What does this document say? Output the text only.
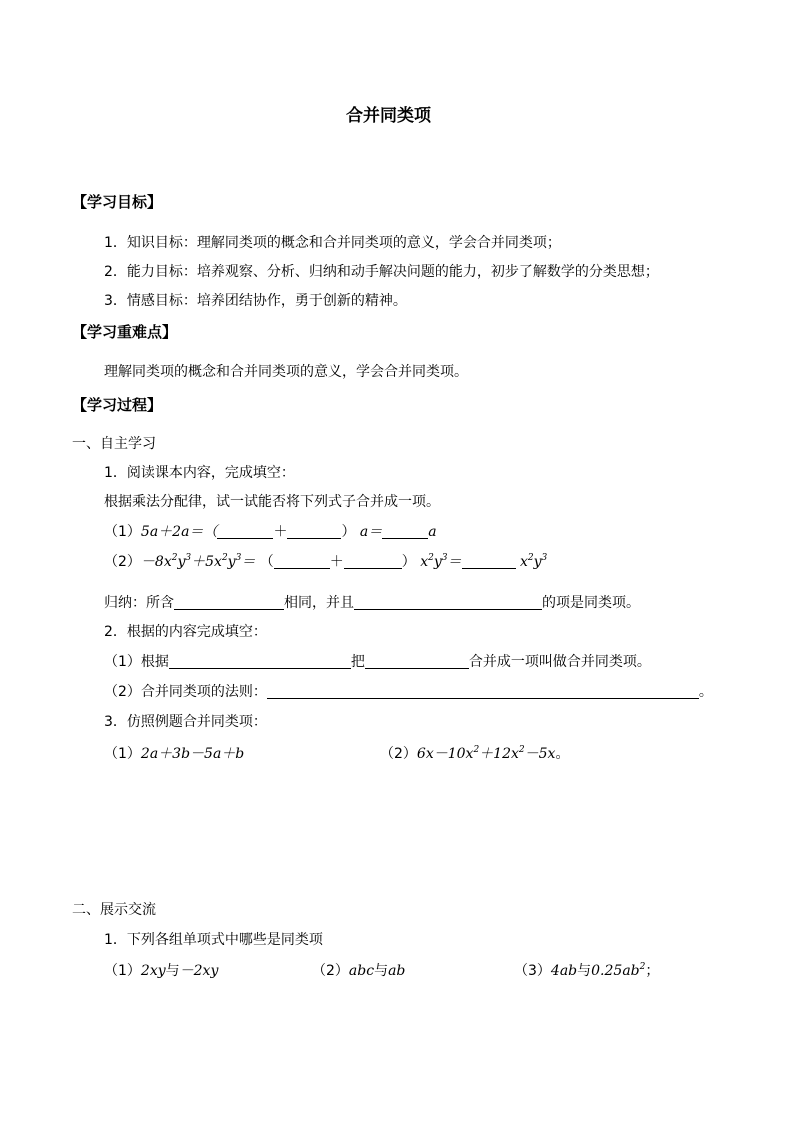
合并同类项
【学习目标】
1．知识目标：理解同类项的概念和合并同类项的意义，学会合并同类项；
2．能力目标：培养观察、分析、归纳和动手解决问题的能力，初步了解数学的分类思想；
3．情感目标：培养团结协作，勇于创新的精神。
【学习重难点】
理解同类项的概念和合并同类项的意义，学会合并同类项。
【学习过程】
一、自主学习
1．阅读课本内容，完成填空：
根据乘法分配律，试一试能否将下列式子合并成一项。
（1）5a＋2a＝（	＋	） a＝	a
$(2)-8x^2y^3+5x^2y^3=$ （	＋	） $x^2y^3=$	$x^2y^3$
归纳：所含	相同，并且	的项是同类项。
2．根据的内容完成填空：
（1）根据	把	合并成一项叫做合并同类项。
（2）合并同类项的法则：	。
3．仿照例题合并同类项：
（1）2a＋3b－5a＋b	$(2)6x-10x^2+12x^2-5x$。
二、展示交流
1．下列各组单项式中哪些是同类项
（1）2xy与－2xy	（2）abc与ab	（3）4ab与$0.25ab^2$；
